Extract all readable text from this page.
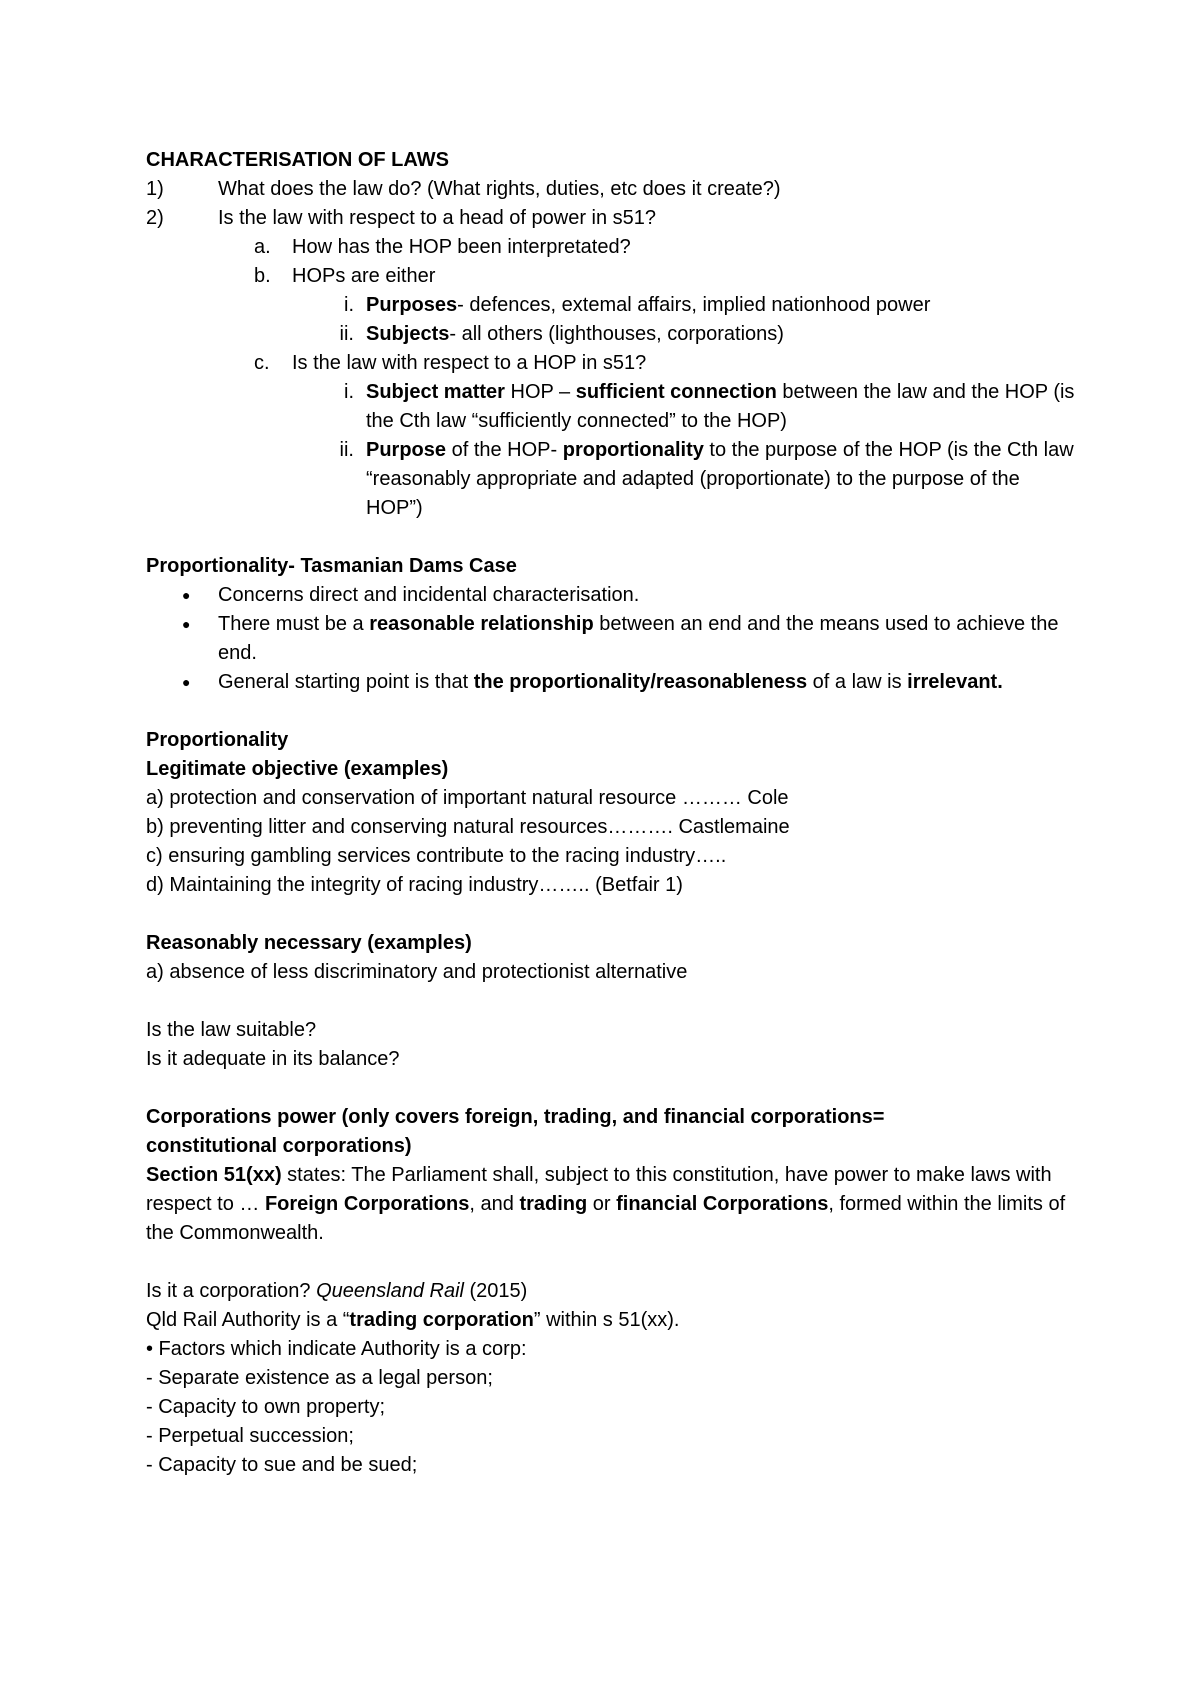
CHARACTERISATION OF LAWS

1)	What does the law do? (What rights, duties, etc does it create?)

2)	Is the law with respect to a head of power in s51?

a. How has the HOP been interpretated?

b. HOPs are either

i. Purposes- defences, extemal affairs, implied nationhood power

ii. Subjects- all others (lighthouses, corporations)

c. Is the law with respect to a HOP in s51?

i. Subject matter HOP – sufficient connection between the law and the HOP (is the Cth law “sufficiently connected” to the HOP)

ii. Purpose of the HOP- proportionality to the purpose of the HOP (is the Cth law “reasonably appropriate and adapted (proportionate) to the purpose of the HOP”)

Proportionality- Tasmanian Dams Case

● Concerns direct and incidental characterisation.

● There must be a reasonable relationship between an end and the means used to achieve the end.

● General starting point is that the proportionality/reasonableness of a law is irrelevant.

Proportionality

Legitimate objective (examples)

a) protection and conservation of important natural resource ……… Cole

b) preventing litter and conserving natural resources………. Castlemaine

c) ensuring gambling services contribute to the racing industry…..

d) Maintaining the integrity of racing industry…….. (Betfair 1)

Reasonably necessary (examples)

a) absence of less discriminatory and protectionist alternative

Is the law suitable?

Is it adequate in its balance?

Corporations power (only covers foreign, trading, and financial corporations=

constitutional corporations)

Section 51(xx) states: The Parliament shall, subject to this constitution, have power to make laws with respect to … Foreign Corporations, and trading or financial Corporations, formed within the limits of the Commonwealth.

Is it a corporation? Queensland Rail (2015)

Qld Rail Authority is a “trading corporation” within s 51(xx).

• Factors which indicate Authority is a corp:

- Separate existence as a legal person;

- Capacity to own property;

- Perpetual succession;

- Capacity to sue and be sued;
